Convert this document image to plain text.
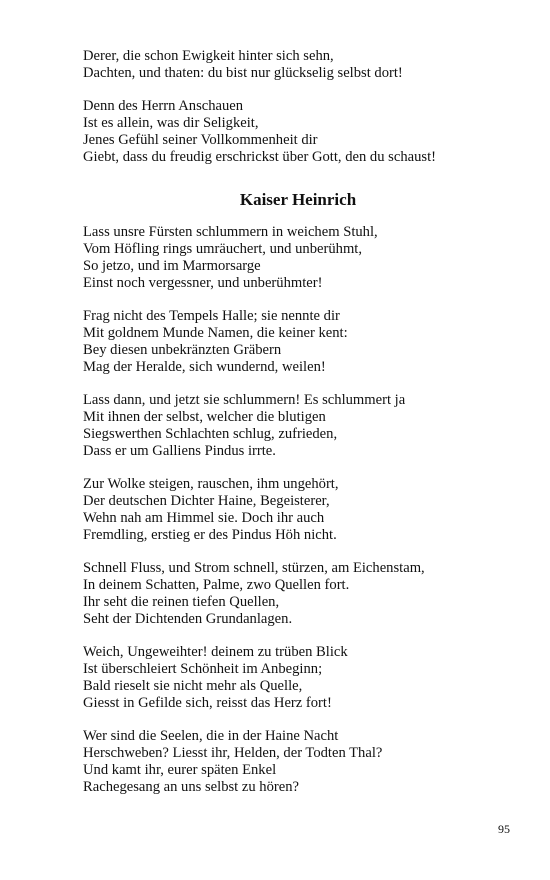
Derer, die schon Ewigkeit hinter sich sehn,
Dachten, und thaten: du bist nur glückselig selbst dort!
Denn des Herrn Anschauen
Ist es allein, was dir Seligkeit,
Jenes Gefühl seiner Vollkommenheit dir
Giebt, dass du freudig erschrickst über Gott, den du schaust!
Kaiser Heinrich
Lass unsre Fürsten schlummern in weichem Stuhl,
Vom Höfling rings umräuchert, und unberühmt,
So jetzo, und im Marmorsarge
Einst noch vergessner, und unberühmter!
Frag nicht des Tempels Halle; sie nennte dir
Mit goldnem Munde Namen, die keiner kent:
Bey diesen unbekränzten Gräbern
Mag der Heralde, sich wundernd, weilen!
Lass dann, und jetzt sie schlummern! Es schlummert ja
Mit ihnen der selbst, welcher die blutigen
Siegswerthen Schlachten schlug, zufrieden,
Dass er um Galliens Pindus irrte.
Zur Wolke steigen, rauschen, ihm ungehört,
Der deutschen Dichter Haine, Begeisterer,
Wehn nah am Himmel sie. Doch ihr auch
Fremdling, erstieg er des Pindus Höh nicht.
Schnell Fluss, und Strom schnell, stürzen, am Eichenstam,
In deinem Schatten, Palme, zwo Quellen fort.
Ihr seht die reinen tiefen Quellen,
Seht der Dichtenden Grundanlagen.
Weich, Ungeweihter! deinem zu trüben Blick
Ist überschleiert Schönheit im Anbeginn;
Bald rieselt sie nicht mehr als Quelle,
Giesst in Gefilde sich, reisst das Herz fort!
Wer sind die Seelen, die in der Haine Nacht
Herschweben? Liesst ihr, Helden, der Todten Thal?
Und kamt ihr, eurer späten Enkel
Rachegesang an uns selbst zu hören?
95
